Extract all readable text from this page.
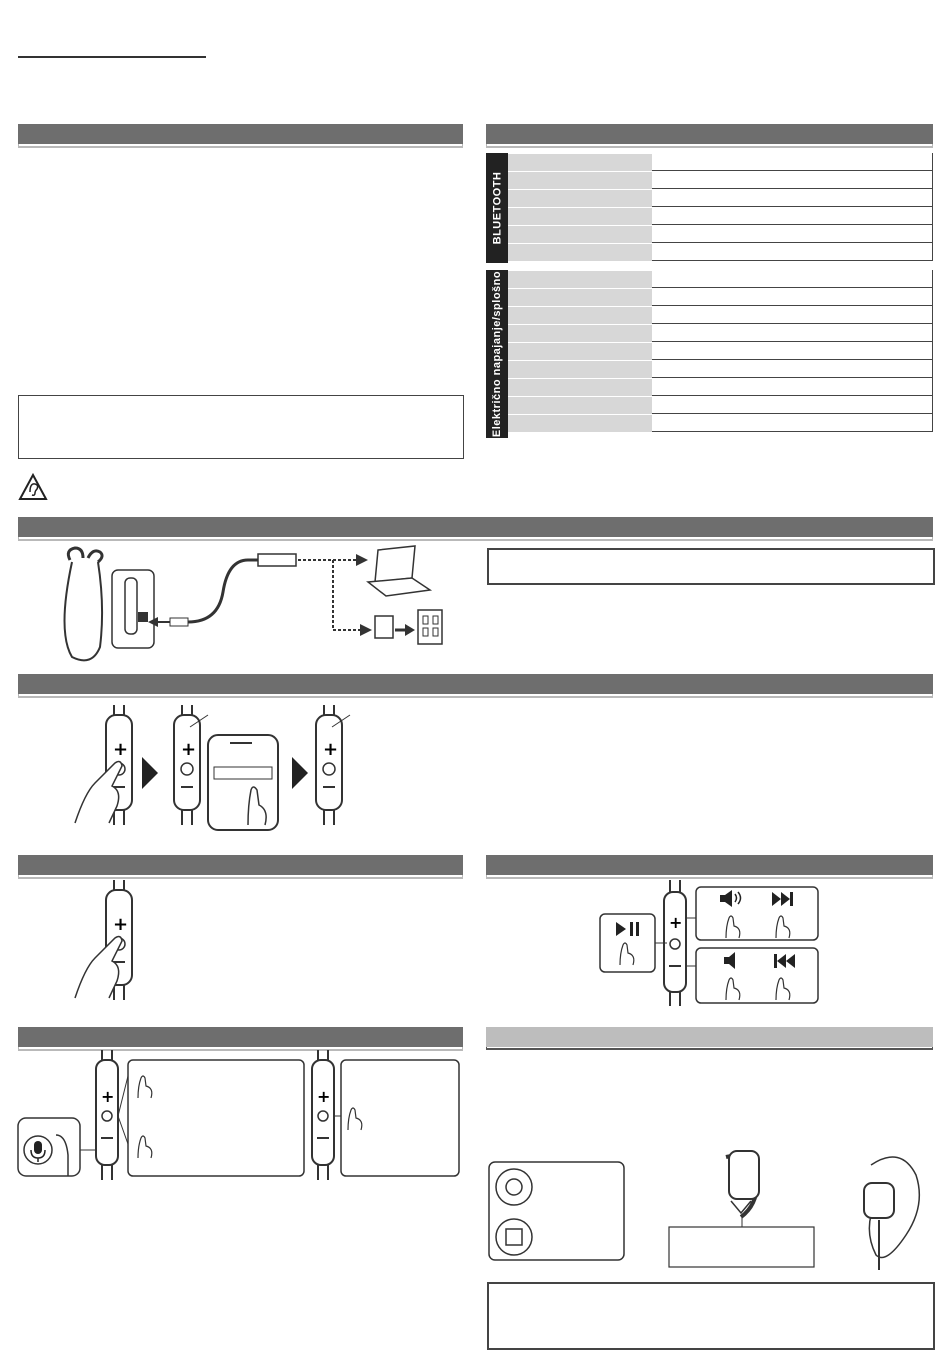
BLUETOOTH
Električno napajanje/splošno
+	+	+
+	+
+	+
